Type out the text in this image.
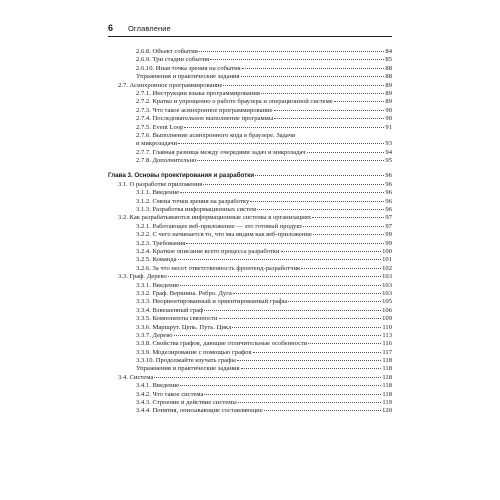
6 Оглавление
2.6.8. Объект события	84
2.6.9. Три стадии события	85
2.6.10. Иная точка зрения на события	88
Упражнения и практические задания	88
2.7. Асинхронное программирование	89
2.7.1. Инструкции языка программирования	89
2.7.2. Кратко и упрощенно о работе браузера и операционной системе	89
2.7.3. Что такое асинхронное программирование	90
2.7.4. Последовательное выполнение программы	90
2.7.5. Event Loop	91
2.7.6. Выполнение асинхронного кода в браузере. Задачи
и микрозадачи	93
2.7.7. Главная разница между очередями задач и микрозадач	94
2.7.8. Дополнительно	95
Глава 3. Основы проектирования и разработки	96
3.1. О разработке приложения	96
3.1.1. Введение	96
3.1.2. Смена точки зрения на разработку	96
3.1.3. Разработка информационных систем	96
3.2. Как разрабатываются информационные системы в организациях	97
3.2.1. Работающее веб-приложение — это готовый продукт	97
3.2.2. С чего начинается то, что мы видим как веб-приложение	99
3.2.3. Требования	99
3.2.4. Краткое описание всего процесса разработки	100
3.2.5. Команда	101
3.2.6. За что несет ответственность фронтенд-разработчик	102
3.3. Граф. Дерево	103
3.3.1. Введение	103
3.3.2. Граф. Вершина. Ребро. Дуга	103
3.3.3. Неориентированный и ориентированный графы	105
3.3.4. Взвешенный граф	106
3.3.5. Компоненты связности	109
3.3.6. Маршрут. Цепь. Путь. Цикл	110
3.3.7. Дерево	113
3.3.8. Свойства графов, дающие отличительные особенности	116
3.3.9. Моделирование с помощью графов	117
3.3.10. Продолжайте изучать графы	118
Упражнения и практические задания	118
3.4. Система	118
3.4.1. Введение	118
3.4.2. Что такое система	118
3.4.3. Строение и действие системы	119
3.4.4. Понятия, описывающие составляющие	120
